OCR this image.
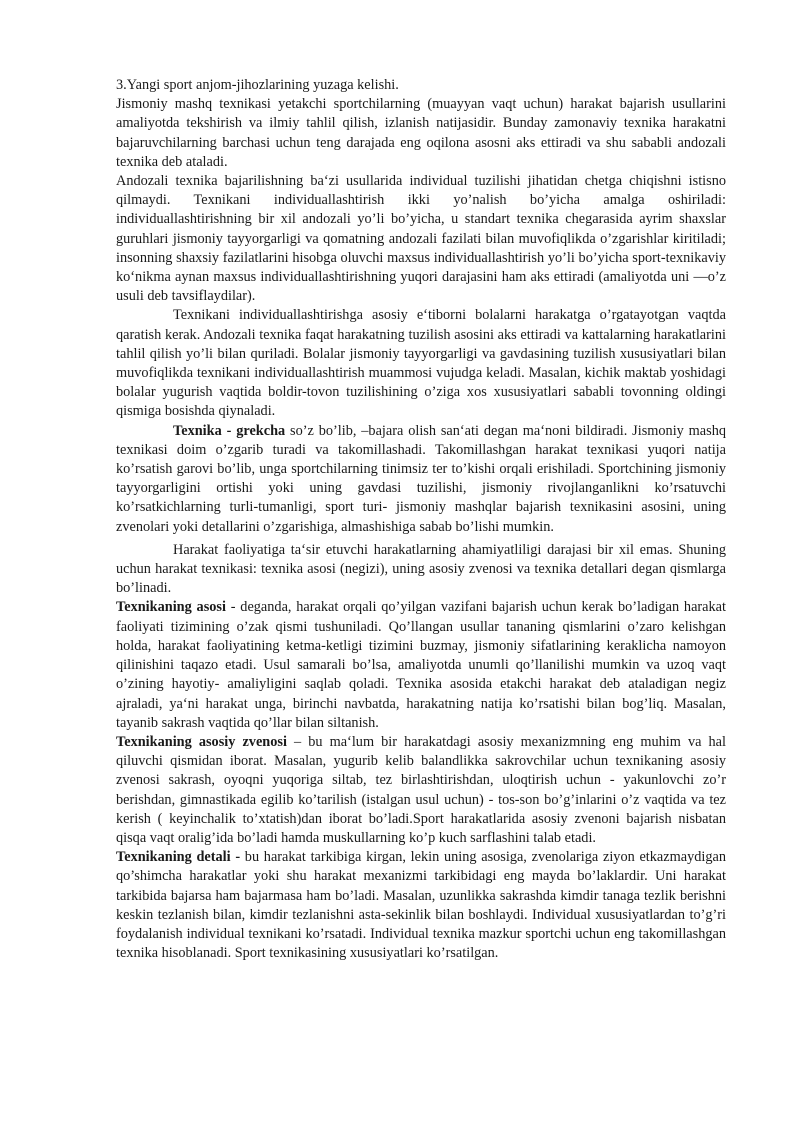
3.Yangi sport anjom-jihozlarining yuzaga kelishi.

Jismoniy mashq texnikasi yetakchi sportchilarning (muayyan vaqt uchun) harakat bajarish usullarini amaliyotda tekshirish va ilmiy tahlil qilish, izlanish natijasidir. Bunday zamonaviy texnika harakatni bajaruvchilarning barchasi uchun teng darajada eng oqilona asosni aks ettiradi va shu sababli andozali texnika deb ataladi.

Andozali texnika bajarilishning ba‘zi usullarida individual tuzilishi jihatidan chetga chiqishni istisno qilmaydi. Texnikani individuallashtirish ikki yo’nalish bo’yicha amalga oshiriladi: individuallashtirishning bir xil andozali yo’li bo’yicha, u standart texnika chegarasida ayrim shaxslar guruhlari jismoniy tayyorgarligi va qomatning andozali fazilati bilan muvofiqlikda o’zgarishlar kiritiladi; insonning shaxsiy fazilatlarini hisobga oluvchi maxsus individuallashtirish yo’li bo’yicha sport-texnikaviy ko‘nikma aynan maxsus individuallashtirishning yuqori darajasini ham aks ettiradi (amaliyotda uni —o’z usuli deb tavsiflaydilar).

Texnikani individuallashtirishga asosiy e‘tiborni bolalarni harakatga o’rgatayotgan vaqtda qaratish kerak. Andozali texnika faqat harakatning tuzilish asosini aks ettiradi va kattalarning harakatlarini tahlil qilish yo’li bilan quriladi. Bolalar jismoniy tayyorgarligi va gavdasining tuzilish xususiyatlari bilan muvofiqlikda texnikani individuallashtirish muammosi vujudga keladi. Masalan, kichik maktab yoshidagi bolalar yugurish vaqtida boldir-tovon tuzilishining o’ziga xos xususiyatlari sababli tovonning oldingi qismiga bosishda qiynaladi.

Texnika - grekcha so’z bo’lib, –bajara olish san‘ati degan ma‘noni bildiradi. Jismoniy mashq texnikasi doim o’zgarib turadi va takomillashadi. Takomillashgan harakat texnikasi yuqori natija ko’rsatish garovi bo’lib, unga sportchilarning tinimsiz ter to’kishi orqali erishiladi. Sportchining jismoniy tayyorgarligini ortishi yoki uning gavdasi tuzilishi, jismoniy rivojlanganlikni ko’rsatuvchi ko’rsatkichlarning turli-tumanligi, sport turi- jismoniy mashqlar bajarish texnikasini asosini, uning zvenolari yoki detallarini o’zgarishiga, almashishiga sabab bo’lishi mumkin.

Harakat faoliyatiga ta‘sir etuvchi harakatlarning ahamiyatliligi darajasi bir xil emas. Shuning uchun harakat texnikasi: texnika asosi (negizi), uning asosiy zvenosi va texnika detallari degan qismlarga bo’linadi.

Texnikaning asosi - deganda, harakat orqali qo’yilgan vazifani bajarish uchun kerak bo’ladigan harakat faoliyati tizimining o’zak qismi tushuniladi. Qo’llangan usullar tananing qismlarini o’zaro kelishgan holda, harakat faoliyatining ketma-ketligi tizimini buzmay, jismoniy sifatlarining keraklicha namoyon qilinishini taqazo etadi. Usul samarali bo’lsa, amaliyotda unumli qo’llanilishi mumkin va uzoq vaqt o’zining hayotiy- amaliyligini saqlab qoladi. Texnika asosida etakchi harakat deb ataladigan negiz ajraladi, ya‘ni harakat unga, birinchi navbatda, harakatning natija ko’rsatishi bilan bog’liq. Masalan, tayanib sakrash vaqtida qo’llar bilan siltanish.

Texnikaning asosiy zvenosi – bu ma‘lum bir harakatdagi asosiy mexanizmning eng muhim va hal qiluvchi qismidan iborat. Masalan, yugurib kelib balandlikka sakrovchilar uchun texnikaning asosiy zvenosi sakrash, oyoqni yuqoriga siltab, tez birlashtirishdan, uloqtirish uchun - yakunlovchi zo’r berishdan, gimnastikada egilib ko’tarilish (istalgan usul uchun) - tos-son bo’g’inlarini o’z vaqtida va tez kerish ( keyinchalik to’xtatish)dan iborat bo’ladi.Sport harakatlarida asosiy zvenoni bajarish nisbatan qisqa vaqt oralig’ida bo’ladi hamda muskullarning ko’p kuch sarflashini talab etadi.

Texnikaning detali - bu harakat tarkibiga kirgan, lekin uning asosiga, zvenolariga ziyon etkazmaydigan qo’shimcha harakatlar yoki shu harakat mexanizmi tarkibidagi eng mayda bo’laklardir. Uni harakat tarkibida bajarsa ham bajarmasa ham bo’ladi. Masalan, uzunlikka sakrashda kimdir tanaga tezlik berishni keskin tezlanish bilan, kimdir tezlanishni asta-sekinlik bilan boshlaydi. Individual xususiyatlardan to’g’ri foydalanish individual texnikani ko’rsatadi. Individual texnika mazkur sportchi uchun eng takomillashgan texnika hisoblanadi. Sport texnikasining xususiyatlari ko’rsatilgan.
